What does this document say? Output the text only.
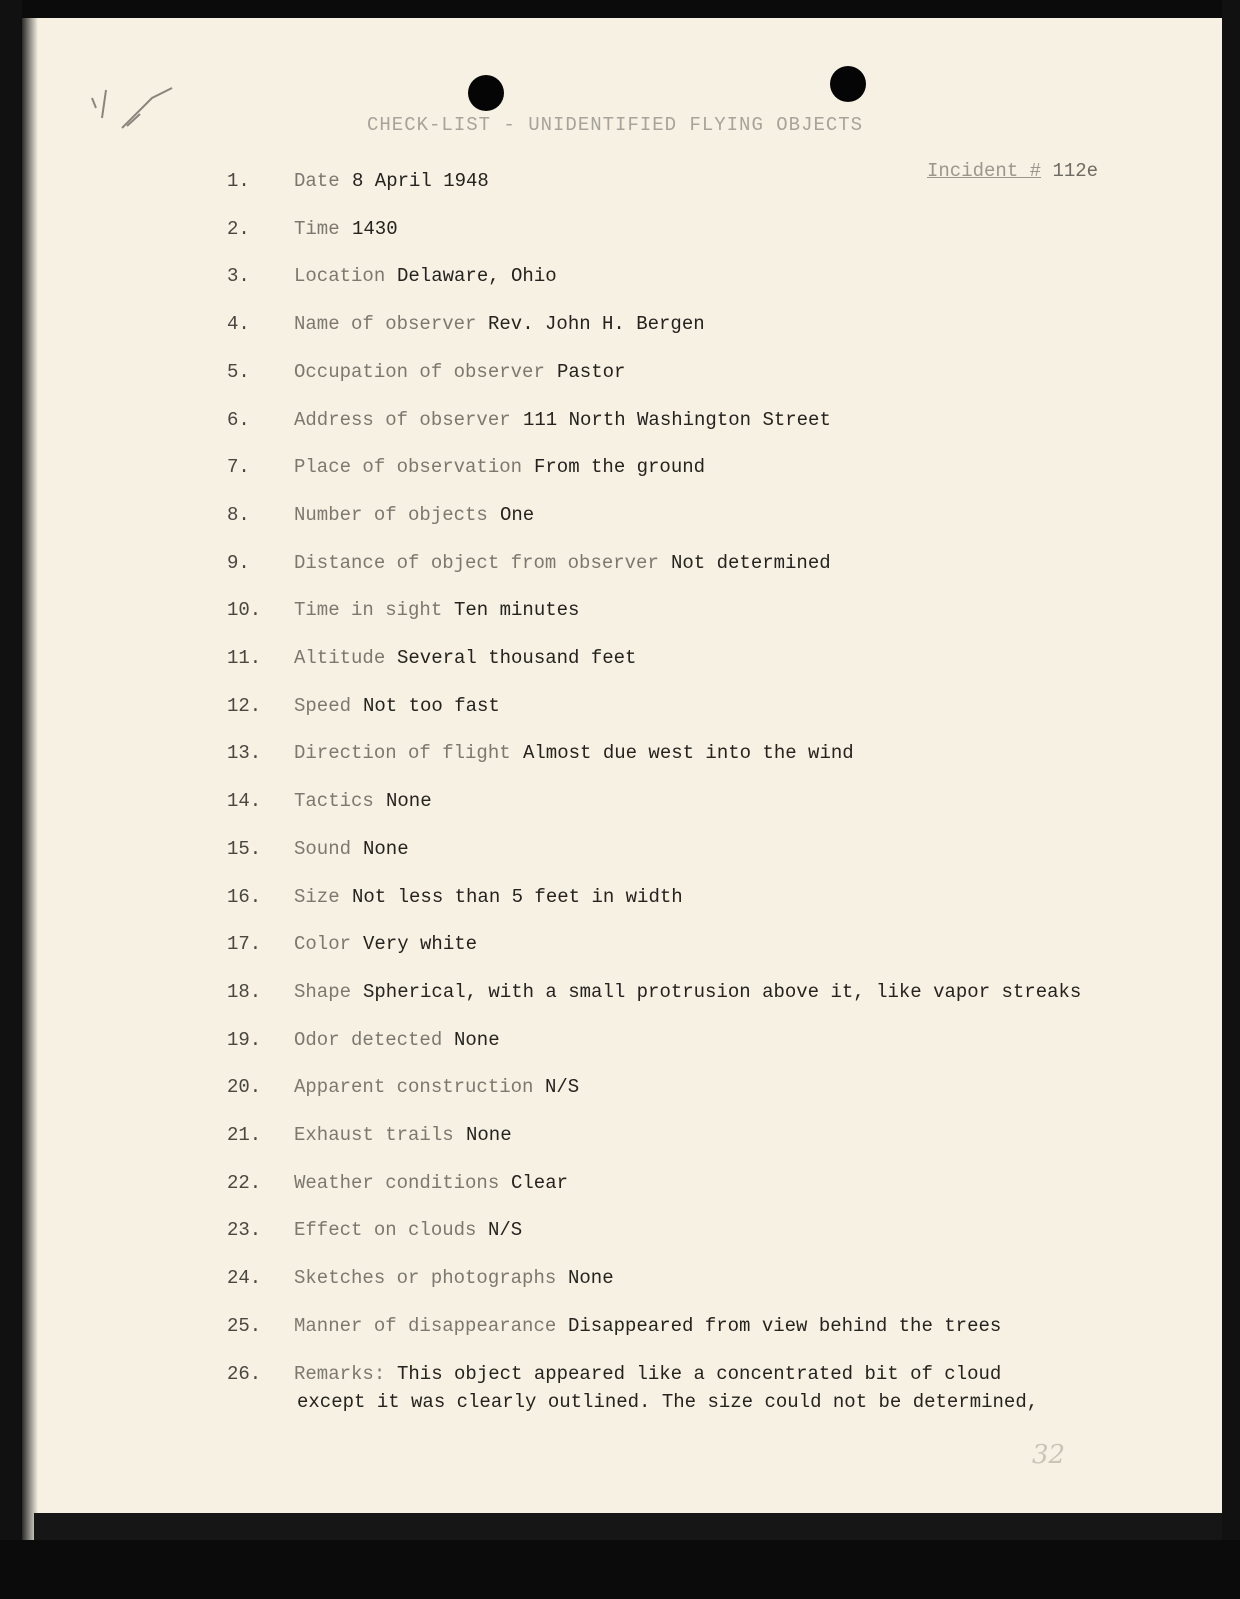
CHECK-LIST - UNIDENTIFIED FLYING OBJECTS
Incident # 112e
1.	Date 8 April 1948
2.	Time 1430
3.	Location Delaware, Ohio
4.	Name of observer Rev. John H. Bergen
5.	Occupation of observer Pastor
6.	Address of observer 111 North Washington Street
7.	Place of observation From the ground
8.	Number of objects One
9.	Distance of object from observer Not determined
10.	Time in sight Ten minutes
11.	Altitude Several thousand feet
12.	Speed Not too fast
13.	Direction of flight Almost due west into the wind
14.	Tactics None
15.	Sound None
16.	Size Not less than 5 feet in width
17.	Color Very white
18.	Shape Spherical, with a small protrusion above it, like vapor streaks
19.	Odor detected None
20.	Apparent construction N/S
21.	Exhaust trails None
22.	Weather conditions Clear
23.	Effect on clouds N/S
24.	Sketches or photographs None
25.	Manner of disappearance Disappeared from view behind the trees
26.	Remarks: This object appeared like a concentrated bit of cloud
except it was clearly outlined. The size could not be determined,
32
